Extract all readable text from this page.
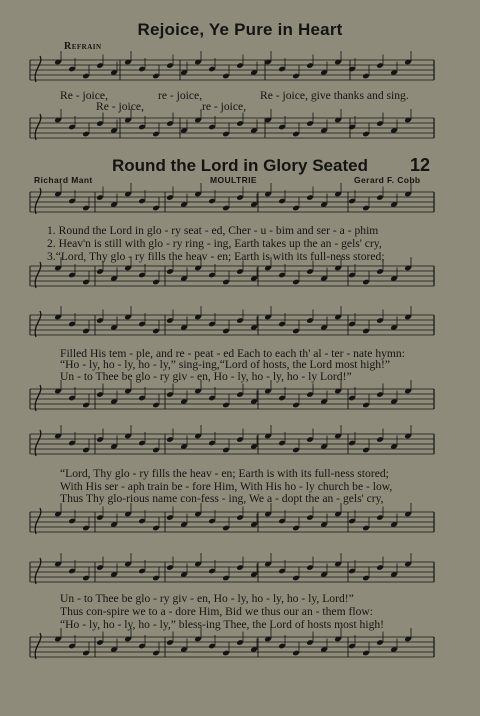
Rejoice, Ye Pure in Heart
Refrain
Re - joice,	re - joice,	Re - joice, give thanks and sing.
Re - joice,	re - joice,
Round the Lord in Glory Seated	12
Richard Mant	MOULTRIE	Gerard F. Cobb
1. Round the Lord in glo - ry seat - ed, Cher - u - bim and ser - a - phim
2. Heav'n is still with glo - ry ring - ing, Earth takes up the an - gels' cry,
3.“Lord, Thy glo - ry fills the heav - en; Earth is with its full-ness stored;
Filled His tem - ple, and re - peat - ed Each to each th' al - ter - nate hymn:
“Ho - ly, ho - ly, ho - ly,” sing-ing,“Lord of hosts, the Lord most high!”
Un - to Thee be glo - ry giv - en, Ho - ly, ho - ly, ho - ly Lord!”
“Lord, Thy glo - ry fills the heav - en; Earth is with its full-ness stored;
With His ser - aph train be - fore Him, With His ho - ly church be - low,
Thus Thy glo-rious name con-fess - ing, We a - dopt the an - gels' cry,
Un - to Thee be glo - ry giv - en, Ho - ly, ho - ly, ho - ly, Lord!”
Thus con-spire we to a - dore Him, Bid we thus our an - them flow:
“Ho - ly, ho - ly, ho - ly,” bless-ing Thee, the Lord of hosts most high!
